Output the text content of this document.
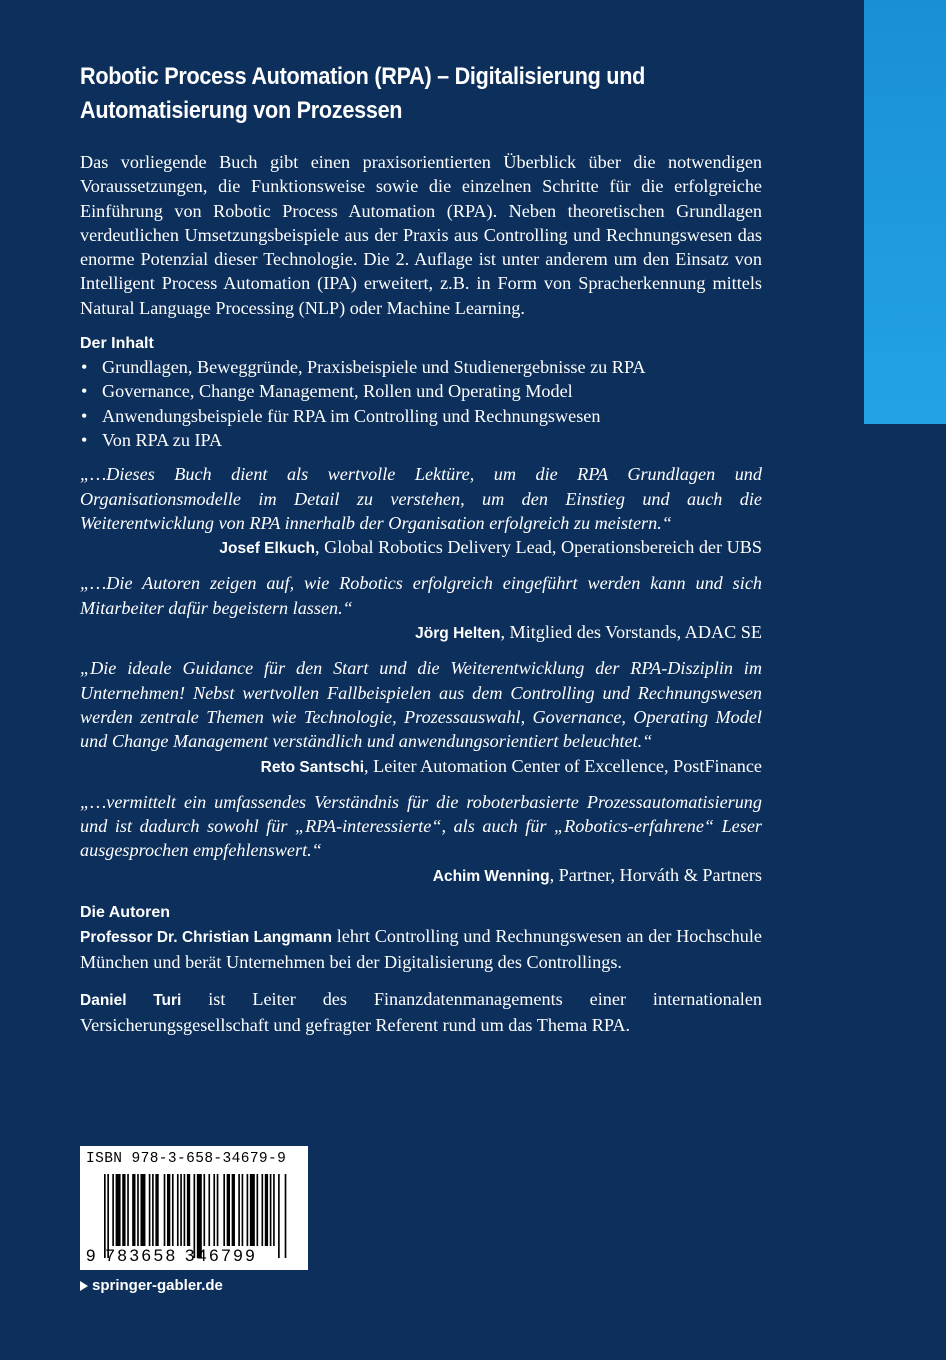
Robotic Process Automation (RPA) – Digitalisierung und
Automatisierung von Prozessen

Das vorliegende Buch gibt einen praxisorientierten Überblick über die notwendigen Voraussetzungen, die Funktionsweise sowie die einzelnen Schritte für die erfolgreiche Einführung von Robotic Process Automation (RPA). Neben theoretischen Grundlagen verdeutlichen Umsetzungsbeispiele aus der Praxis aus Controlling und Rechnungswesen das enorme Potenzial dieser Technologie. Die 2. Auflage ist unter anderem um den Einsatz von Intelligent Process Automation (IPA) erweitert, z.B. in Form von Spracherkennung mittels Natural Language Processing (NLP) oder Machine Learning.

Der Inhalt
• Grundlagen, Beweggründe, Praxisbeispiele und Studienergebnisse zu RPA
• Governance, Change Management, Rollen und Operating Model
• Anwendungsbeispiele für RPA im Controlling und Rechnungswesen
• Von RPA zu IPA

„…Dieses Buch dient als wertvolle Lektüre, um die RPA Grundlagen und Organisationsmodelle im Detail zu verstehen, um den Einstieg und auch die Weiterentwicklung von RPA innerhalb der Organisation erfolgreich zu meistern.“

Josef Elkuch, Global Robotics Delivery Lead, Operationsbereich der UBS

„…Die Autoren zeigen auf, wie Robotics erfolgreich eingeführt werden kann und sich Mitarbeiter dafür begeistern lassen.“

Jörg Helten, Mitglied des Vorstands, ADAC SE

„Die ideale Guidance für den Start und die Weiterentwicklung der RPA-Disziplin im Unternehmen! Nebst wertvollen Fallbeispielen aus dem Controlling und Rechnungswesen werden zentrale Themen wie Technologie, Prozessauswahl, Governance, Operating Model und Change Management verständlich und anwendungsorientiert beleuchtet.“

Reto Santschi, Leiter Automation Center of Excellence, PostFinance

„…vermittelt ein umfassendes Verständnis für die roboterbasierte Prozessautomatisierung und ist dadurch sowohl für „RPA-interessierte“, als auch für „Robotics-erfahrene“ Leser ausgesprochen empfehlenswert.“

Achim Wenning, Partner, Horváth & Partners

Die Autoren

Professor Dr. Christian Langmann lehrt Controlling und Rechnungswesen an der Hochschule München und berät Unternehmen bei der Digitalisierung des Controllings.

Daniel Turi ist Leiter des Finanzdatenmanagements einer internationalen Versicherungsgesellschaft und gefragter Referent rund um das Thema RPA.

ISBN 978-3-658-34679-9
9 783658 346799
springer-gabler.de
